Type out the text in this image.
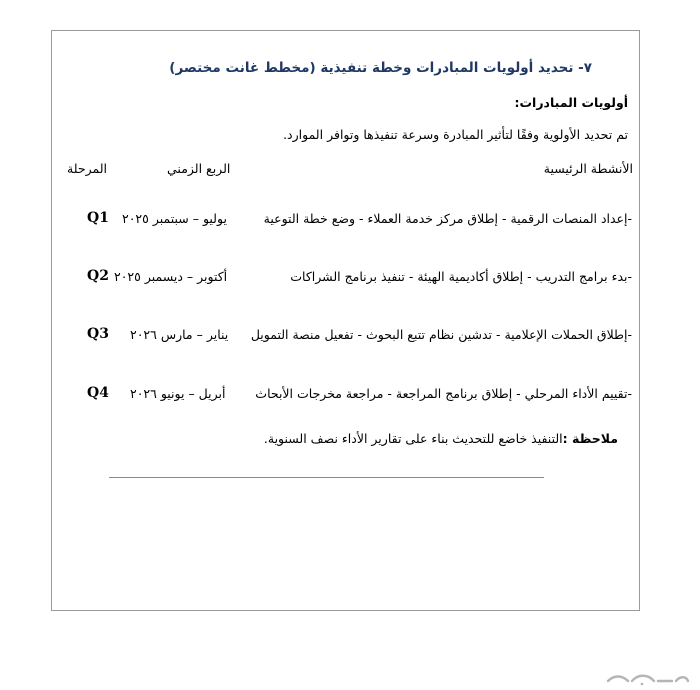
٧- تحديد أولويات المبادرات وخطة تنفيذية (مخطط غانت مختصر)
أولويات المبادرات:
تم تحديد الأولوية وفقًا لتأثير المبادرة وسرعة تنفيذها وتوافر الموارد.
الأنشطة الرئيسية
الربع الزمني
المرحلة
-إعداد المنصات الرقمية - إطلاق مركز خدمة العملاء - وضع خطة التوعية
يوليو – سبتمبر ٢٠٢٥
Q1
-بدء برامج التدريب - إطلاق أكاديمية الهيئة - تنفيذ برنامج الشراكات
أكتوبر – ديسمبر ٢٠٢٥
Q2
-إطلاق الحملات الإعلامية - تدشين نظام تتبع البحوث - تفعيل منصة التمويل
يناير – مارس ٢٠٢٦
Q3
-تقييم الأداء المرحلي - إطلاق برنامج المراجعة - مراجعة مخرجات الأبحاث
أبريل – يونيو ٢٠٢٦
Q4
ملاحظة :التنفيذ خاضع للتحديث بناء على تقارير الأداء نصف السنوية.
